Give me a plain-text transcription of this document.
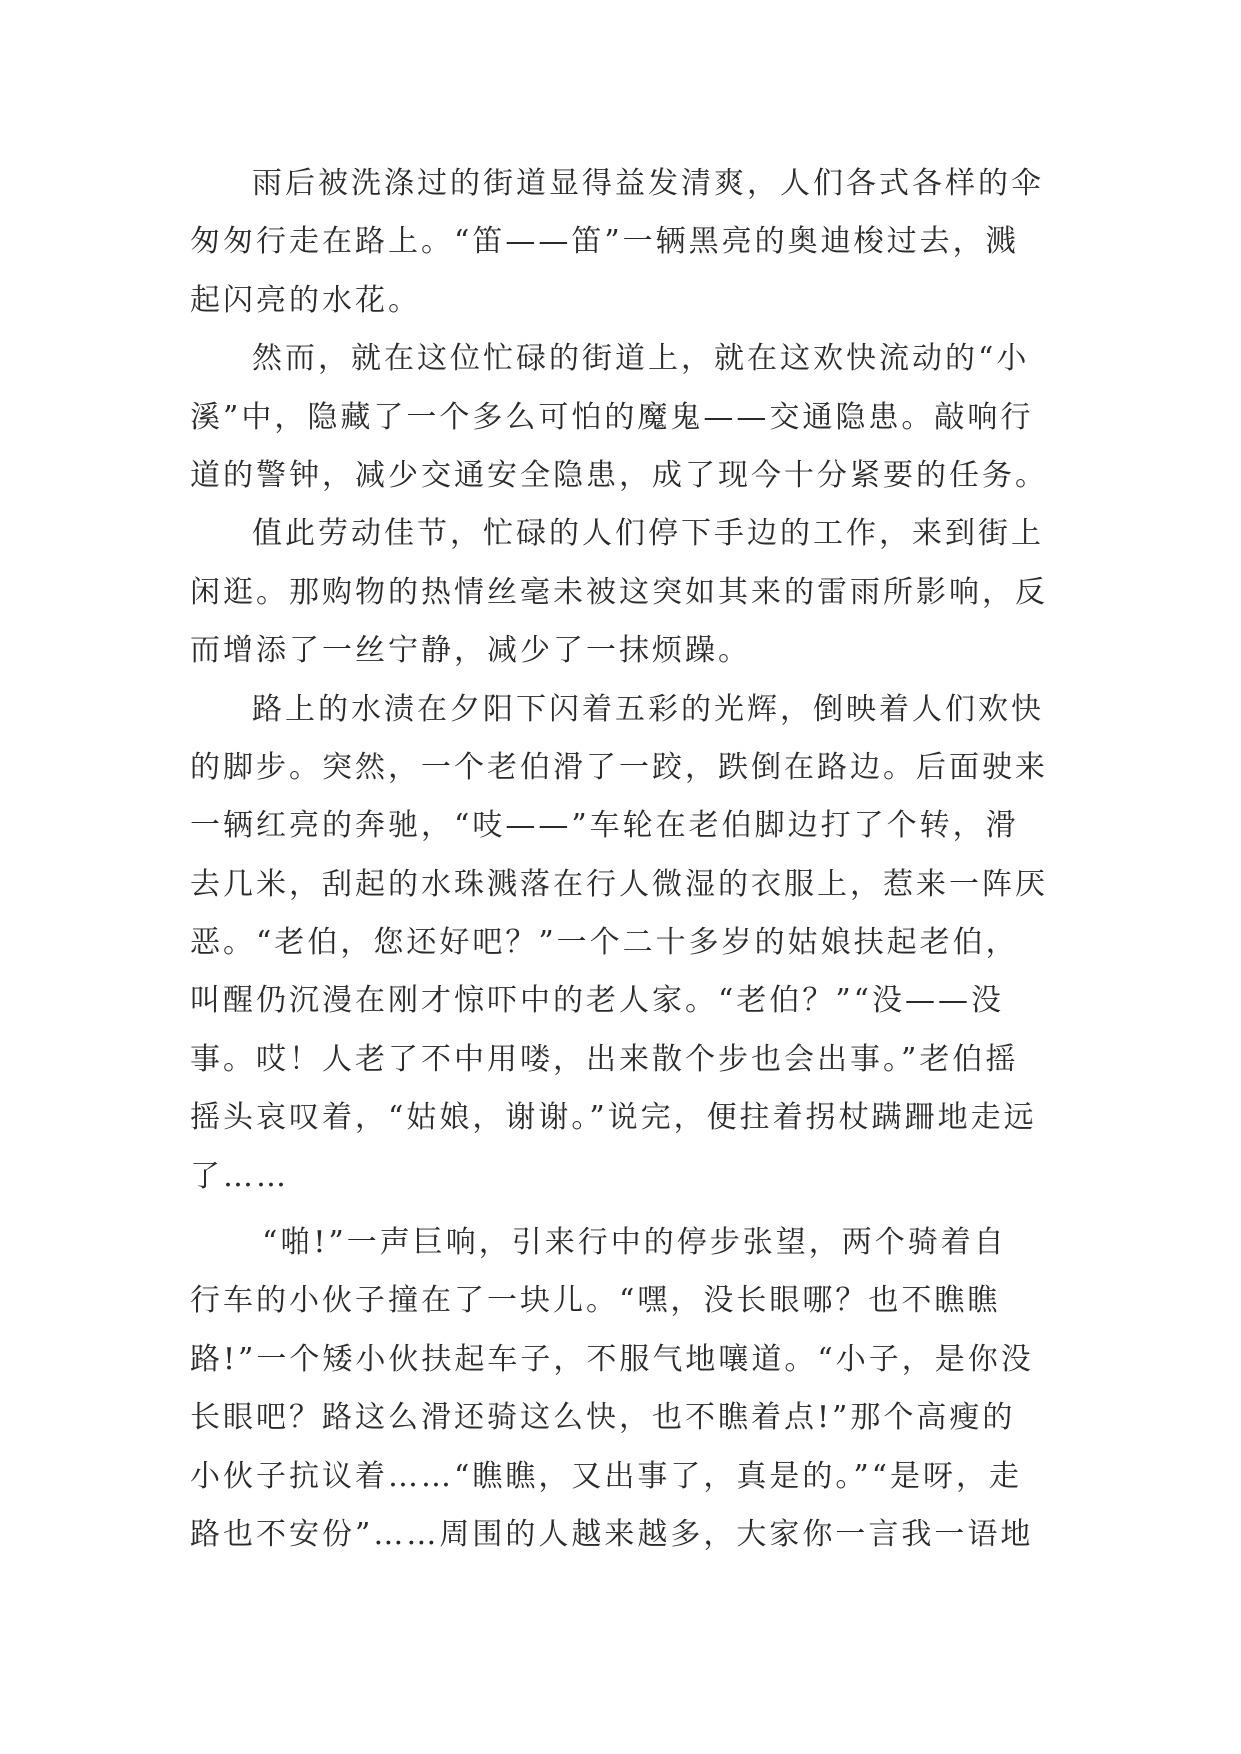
雨后被洗涤过的街道显得益发清爽，人们各式各样的伞
匆匆行走在路上。“笛——笛”一辆黑亮的奥迪梭过去，溅
起闪亮的水花。
然而，就在这位忙碌的街道上，就在这欢快流动的“小
溪”中，隐藏了一个多么可怕的魔鬼——交通隐患。敲响行
道的警钟，减少交通安全隐患，成了现今十分紧要的任务。
值此劳动佳节，忙碌的人们停下手边的工作，来到街上
闲逛。那购物的热情丝毫未被这突如其来的雷雨所影响，反
而增添了一丝宁静，减少了一抹烦躁。
路上的水渍在夕阳下闪着五彩的光辉，倒映着人们欢快
的脚步。突然，一个老伯滑了一跤，跌倒在路边。后面驶来
一辆红亮的奔驰，“吱——”车轮在老伯脚边打了个转，滑
去几米，刮起的水珠溅落在行人微湿的衣服上，惹来一阵厌
恶。“老伯，您还好吧？”一个二十多岁的姑娘扶起老伯，
叫醒仍沉漫在刚才惊吓中的老人家。“老伯？”“没——没
事。哎！人老了不中用喽，出来散个步也会出事。”老伯摇
摇头哀叹着，“姑娘，谢谢。”说完，便拄着拐杖蹒跚地走远
了……
“啪!”一声巨响，引来行中的停步张望，两个骑着自
行车的小伙子撞在了一块儿。“嘿，没长眼哪？也不瞧瞧
路!”一个矮小伙扶起车子，不服气地嚷道。“小子，是你没
长眼吧？路这么滑还骑这么快，也不瞧着点!”那个高瘦的
小伙子抗议着……“瞧瞧，又出事了，真是的。”“是呀，走
路也不安份”……周围的人越来越多，大家你一言我一语地
